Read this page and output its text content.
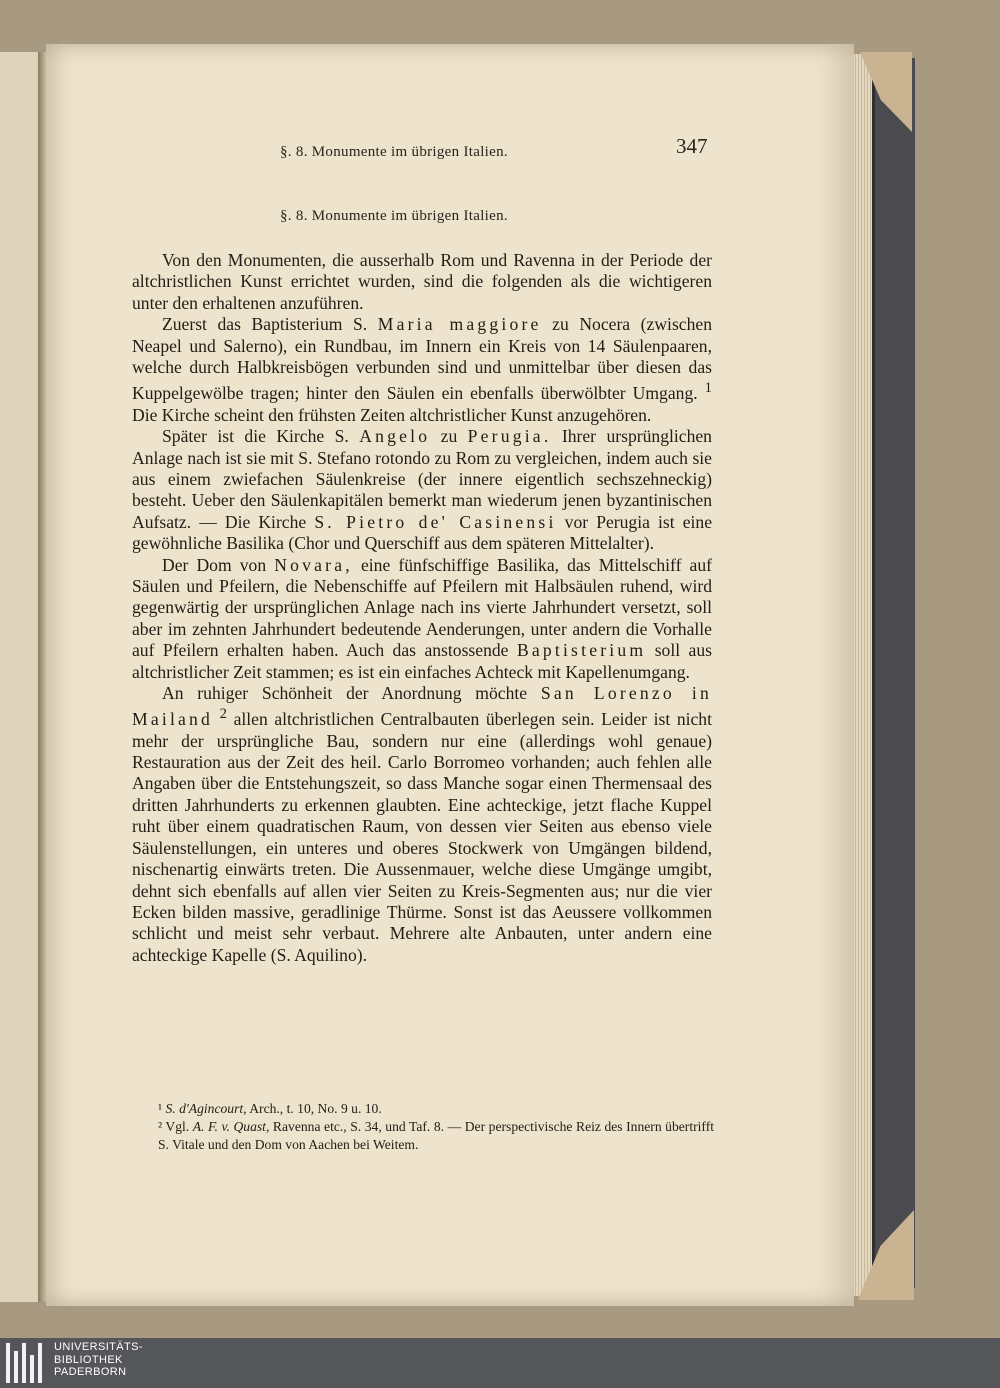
§. 8. Monumente im übrigen Italien.	347
§. 8. Monumente im übrigen Italien.

Von den Monumenten, die ausserhalb Rom und Ravenna in der Periode der altchristlichen Kunst errichtet wurden, sind die folgenden als die wichtigeren unter den erhaltenen anzuführen.

Zuerst das Baptisterium S. Maria maggiore zu Nocera (zwischen Neapel und Salerno), ein Rundbau, im Innern ein Kreis von 14 Säulenpaaren, welche durch Halbkreisbögen verbunden sind und unmittelbar über diesen das Kuppelgewölbe tragen; hinter den Säulen ein ebenfalls überwölbter Umgang. $^1$ Die Kirche scheint den frühsten Zeiten altchristlicher Kunst anzugehören.

Später ist die Kirche S. Angelo zu Perugia. Ihrer ursprünglichen Anlage nach ist sie mit S. Stefano rotondo zu Rom zu vergleichen, indem auch sie aus einem zwiefachen Säulenkreise (der innere eigentlich sechszehneckig) besteht. Ueber den Säulenkapitälen bemerkt man wiederum jenen byzantinischen Aufsatz. — Die Kirche S. Pietro de' Casinensi vor Perugia ist eine gewöhnliche Basilika (Chor und Querschiff aus dem späteren Mittelalter).

Der Dom von Novara, eine fünfschiffige Basilika, das Mittelschiff auf Säulen und Pfeilern, die Nebenschiffe auf Pfeilern mit Halbsäulen ruhend, wird gegenwärtig der ursprünglichen Anlage nach ins vierte Jahrhundert versetzt, soll aber im zehnten Jahrhundert bedeutende Aenderungen, unter andern die Vorhalle auf Pfeilern erhalten haben. Auch das anstossende Baptisterium soll aus altchristlicher Zeit stammen; es ist ein einfaches Achteck mit Kapellenumgang.

An ruhiger Schönheit der Anordnung möchte San Lorenzo in Mailand $^2$ allen altchristlichen Centralbauten überlegen sein. Leider ist nicht mehr der ursprüngliche Bau, sondern nur eine (allerdings wohl genaue) Restauration aus der Zeit des heil. Carlo Borromeo vorhanden; auch fehlen alle Angaben über die Entstehungszeit, so dass Manche sogar einen Thermensaal des dritten Jahrhunderts zu erkennen glaubten. Eine achteckige, jetzt flache Kuppel ruht über einem quadratischen Raum, von dessen vier Seiten aus ebenso viele Säulenstellungen, ein unteres und oberes Stockwerk von Umgängen bildend, nischenartig einwärts treten. Die Aussenmauer, welche diese Umgänge umgibt, dehnt sich ebenfalls auf allen vier Seiten zu Kreis-Segmenten aus; nur die vier Ecken bilden massive, geradlinige Thürme. Sonst ist das Aeussere vollkommen schlicht und meist sehr verbaut. Mehrere alte Anbauten, unter andern eine achteckige Kapelle (S. Aquilino).

¹ S. d'Agincourt, Arch., t. 10, No. 9 u. 10.

² Vgl. A. F. v. Quast, Ravenna etc., S. 34, und Taf. 8. — Der perspectivische Reiz des Innern übertrifft S. Vitale und den Dom von Aachen bei Weitem.

UNIVERSITÄTS-
BIBLIOTHEK
PADERBORN
